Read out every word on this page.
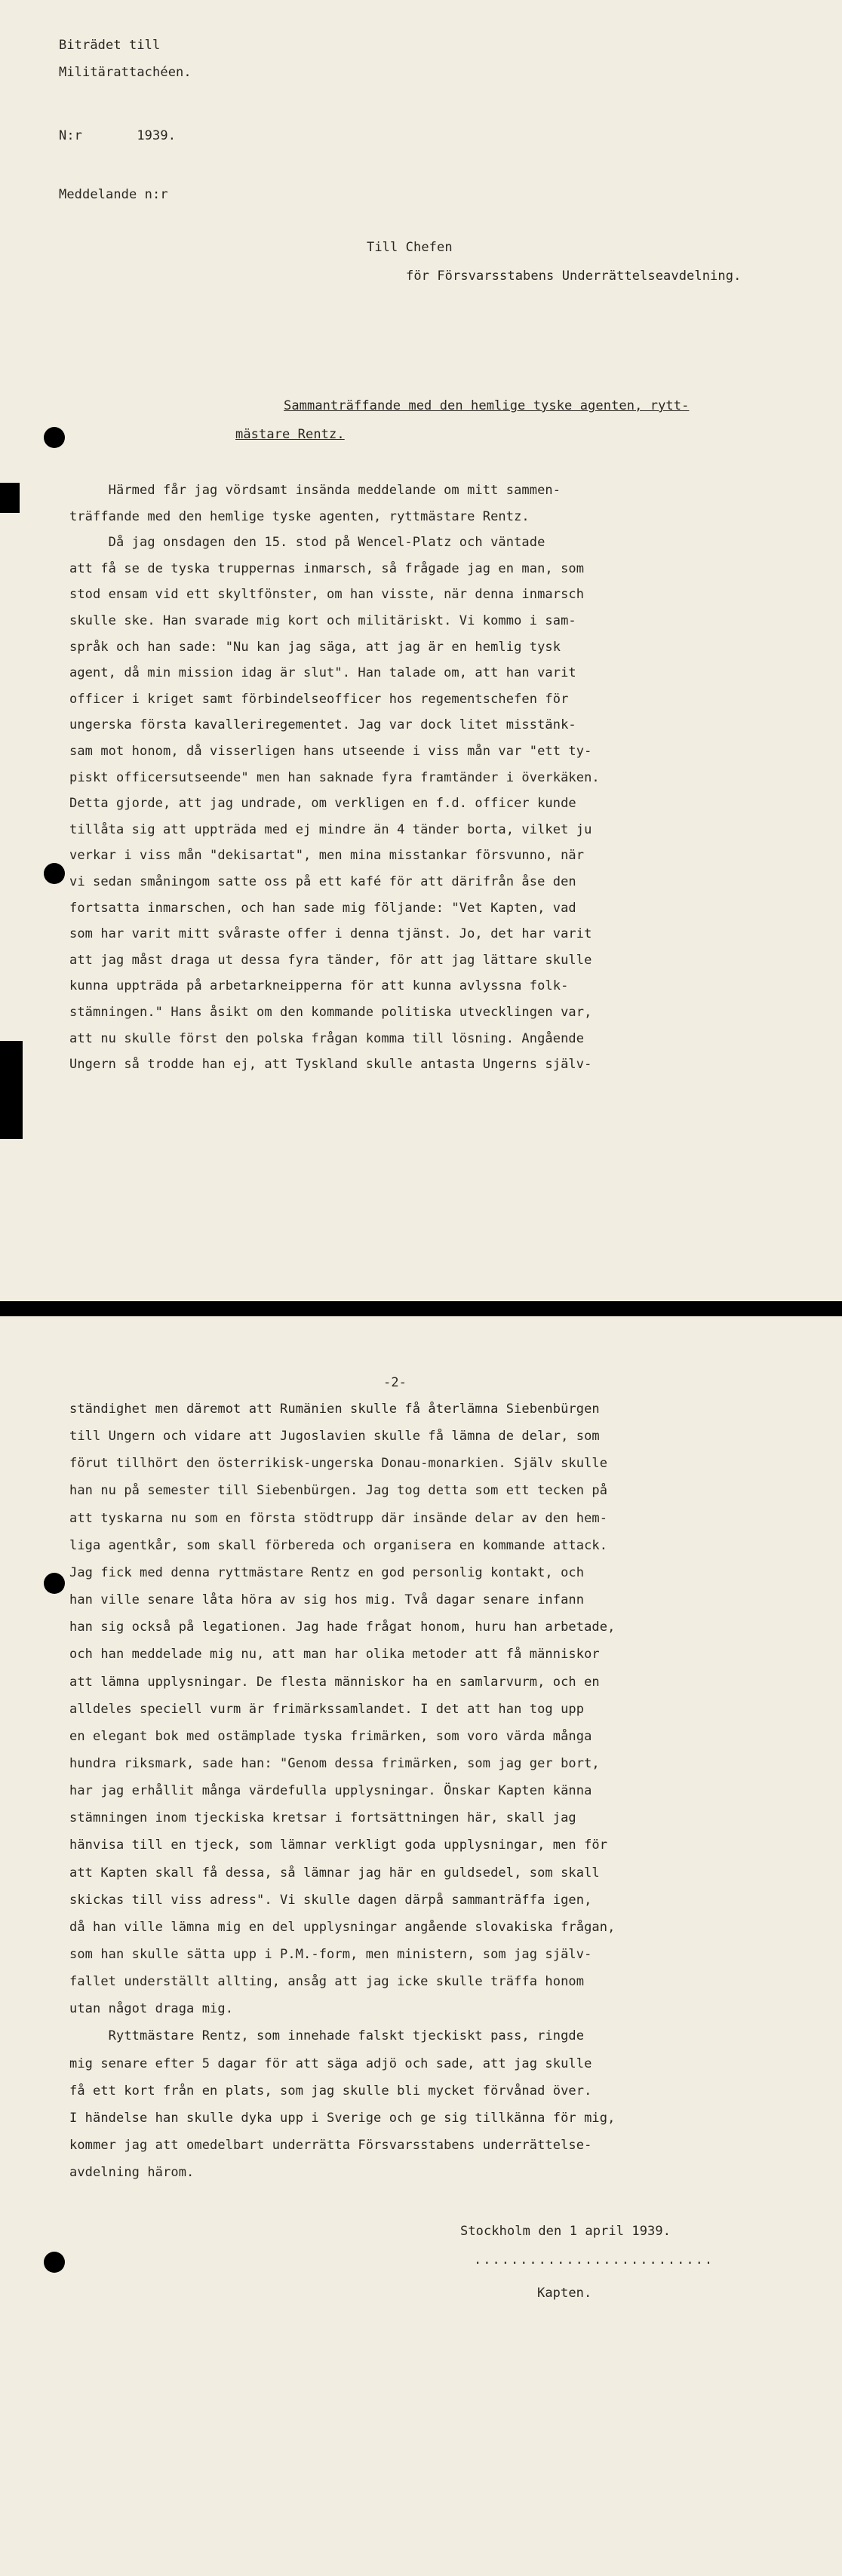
Biträdet till
Militärattachéen.
N:r       1939.
Meddelande n:r
Till Chefen
för Försvarsstabens Underrättelseavdelning.
Sammanträffande med den hemlige tyske agenten, rytt-
mästare Rentz.
Härmed får jag vördsamt insända meddelande om mitt sammen-
träffande med den hemlige tyske agenten, ryttmästare Rentz.
Då jag onsdagen den 15. stod på Wencel-Platz och väntade
att få se de tyska truppernas inmarsch, så frågade jag en man, som
stod ensam vid ett skyltfönster, om han visste, när denna inmarsch
skulle ske. Han svarade mig kort och militäriskt. Vi kommo i sam-
språk och han sade: "Nu kan jag säga, att jag är en hemlig tysk
agent, då min mission idag är slut". Han talade om, att han varit
officer i kriget samt förbindelseofficer hos regementschefen för
ungerska första kavalleriregementet. Jag var dock litet misstänk-
sam mot honom, då visserligen hans utseende i viss mån var "ett ty-
piskt officersutseende" men han saknade fyra framtänder i överkäken.
Detta gjorde, att jag undrade, om verkligen en f.d. officer kunde
tillåta sig att uppträda med ej mindre än 4 tänder borta, vilket ju
verkar i viss mån "dekisartat", men mina misstankar försvunno, när
vi sedan småningom satte oss på ett kafé för att därifrån åse den
fortsatta inmarschen, och han sade mig följande: "Vet Kapten, vad
som har varit mitt svåraste offer i denna tjänst. Jo, det har varit
att jag måst draga ut dessa fyra tänder, för att jag lättare skulle
kunna uppträda på arbetarkneipperna för att kunna avlyssna folk-
stämningen." Hans åsikt om den kommande politiska utvecklingen var,
att nu skulle först den polska frågan komma till lösning. Angående
Ungern så trodde han ej, att Tyskland skulle antasta Ungerns själv-
-2-
ständighet men däremot att Rumänien skulle få återlämna Siebenbürgen
till Ungern och vidare att Jugoslavien skulle få lämna de delar, som
förut tillhört den österrikisk-ungerska Donau-monarkien. Själv skulle
han nu på semester till Siebenbürgen. Jag tog detta som ett tecken på
att tyskarna nu som en första stödtrupp där insände delar av den hem-
liga agentkår, som skall förbereda och organisera en kommande attack.
Jag fick med denna ryttmästare Rentz en god personlig kontakt, och
han ville senare låta höra av sig hos mig. Två dagar senare infann
han sig också på legationen. Jag hade frågat honom, huru han arbetade,
och han meddelade mig nu, att man har olika metoder att få människor
att lämna upplysningar. De flesta människor ha en samlarvurm, och en
alldeles speciell vurm är frimärkssamlandet. I det att han tog upp
en elegant bok med ostämplade tyska frimärken, som voro värda många
hundra riksmark, sade han: "Genom dessa frimärken, som jag ger bort,
har jag erhållit många värdefulla upplysningar. Önskar Kapten känna
stämningen inom tjeckiska kretsar i fortsättningen här, skall jag
hänvisa till en tjeck, som lämnar verkligt goda upplysningar, men för
att Kapten skall få dessa, så lämnar jag här en guldsedel, som skall
skickas till viss adress". Vi skulle dagen därpå sammanträffa igen,
då han ville lämna mig en del upplysningar angående slovakiska frågan,
som han skulle sätta upp i P.M.-form, men ministern, som jag själv-
fallet underställt allting, ansåg att jag icke skulle träffa honom
utan något draga mig.
Ryttmästare Rentz, som innehade falskt tjeckiskt pass, ringde
mig senare efter 5 dagar för att säga adjö och sade, att jag skulle
få ett kort från en plats, som jag skulle bli mycket förvånad över.
I händelse han skulle dyka upp i Sverige och ge sig tillkänna för mig,
kommer jag att omedelbart underrätta Försvarsstabens underrättelse-
avdelning härom.
Stockholm den 1 april 1939.
..........................
Kapten.
